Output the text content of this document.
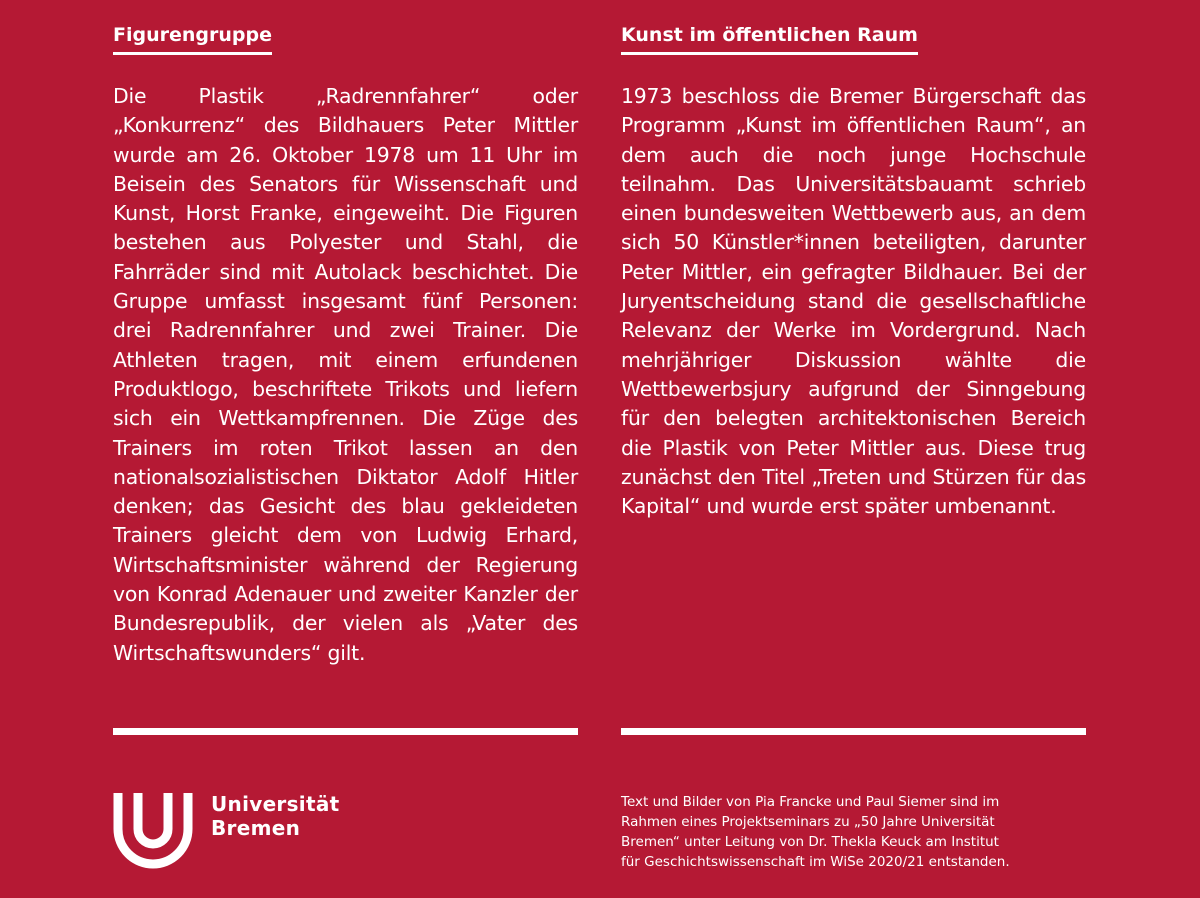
Figurengruppe
Die Plastik „Radrennfahrer“ oder „Konkurrenz“ des Bildhauers Peter Mittler wurde am 26. Oktober 1978 um 11 Uhr im Beisein des Senators für Wissenschaft und Kunst, Horst Franke, eingeweiht. Die Figuren bestehen aus Polyester und Stahl, die Fahrräder sind mit Autolack beschichtet. Die Gruppe umfasst insgesamt fünf Personen: drei Radrennfahrer und zwei Trainer. Die Athleten tragen, mit einem erfundenen Produktlogo, beschriftete Trikots und liefern sich ein Wettkampfrennen. Die Züge des Trainers im roten Trikot lassen an den nationalsozialistischen Diktator Adolf Hitler denken; das Gesicht des blau gekleideten Trainers gleicht dem von Ludwig Erhard, Wirtschaftsminister während der Regierung von Konrad Adenauer und zweiter Kanzler der Bundesrepublik, der vielen als „Vater des Wirtschaftswunders“ gilt.
Kunst im öffentlichen Raum
1973 beschloss die Bremer Bürgerschaft das Programm „Kunst im öffentlichen Raum“, an dem auch die noch junge Hochschule teilnahm. Das Universitätsbauamt schrieb einen bundesweiten Wettbewerb aus, an dem sich 50 Künstler*innen beteiligten, darunter Peter Mittler, ein gefragter Bildhauer. Bei der Juryentscheidung stand die gesellschaftliche Relevanz der Werke im Vordergrund. Nach mehrjähriger Diskussion wählte die Wettbewerbsjury aufgrund der Sinngebung für den belegten architektonischen Bereich die Plastik von Peter Mittler aus. Diese trug zunächst den Titel „Treten und Stürzen für das Kapital“ und wurde erst später umbenannt.
Universität
Bremen
Text und Bilder von Pia Francke und Paul Siemer sind im
Rahmen eines Projektseminars zu „50 Jahre Universität
Bremen“ unter Leitung von Dr. Thekla Keuck am Institut
für Geschichtswissenschaft im WiSe 2020/21 entstanden.
